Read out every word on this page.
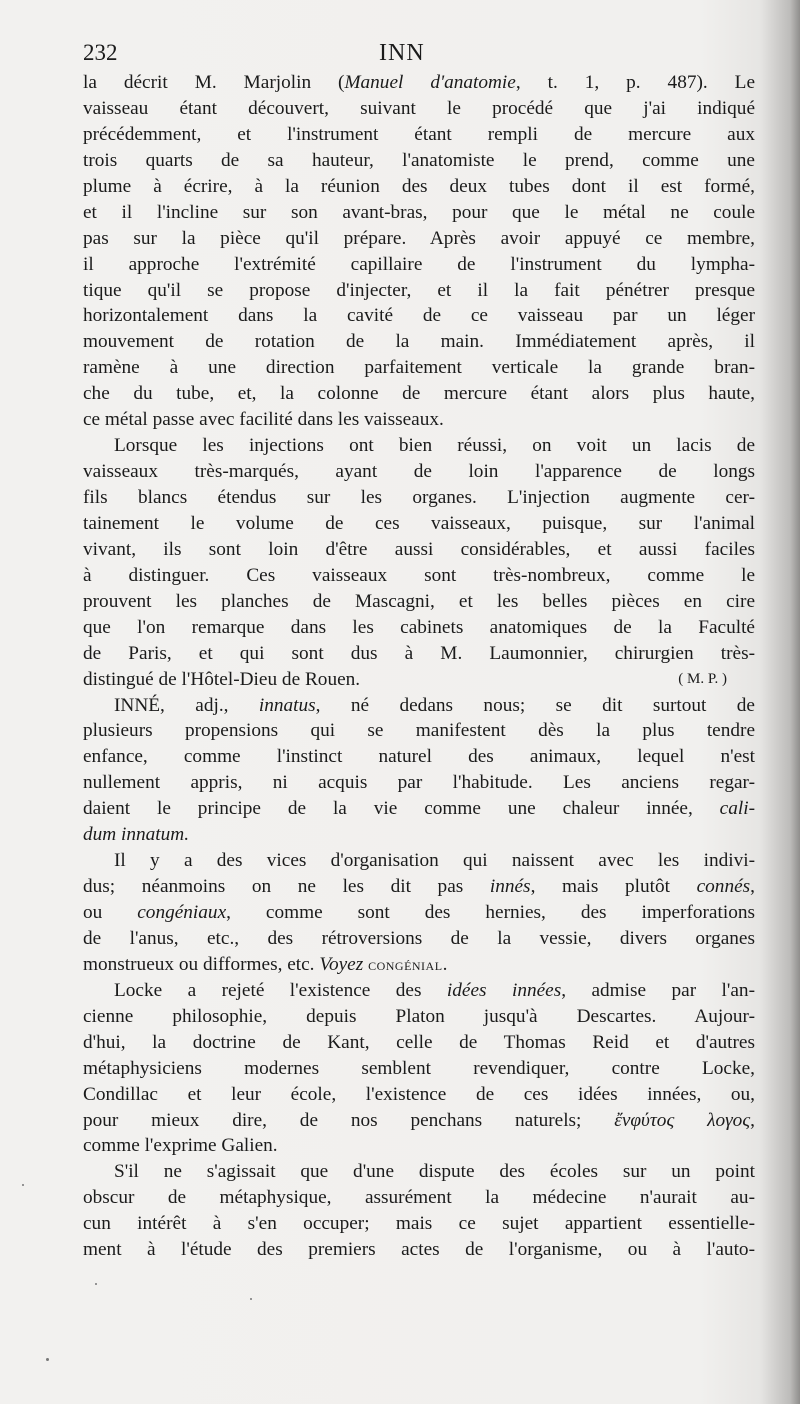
232	INN
la décrit M. Marjolin (Manuel d'anatomie, t. 1, p. 487). Le
vaisseau étant découvert, suivant le procédé que j'ai indiqué
précédemment, et l'instrument étant rempli de mercure aux
trois quarts de sa hauteur, l'anatomiste le prend, comme une
plume à écrire, à la réunion des deux tubes dont il est formé,
et il l'incline sur son avant-bras, pour que le métal ne coule
pas sur la pièce qu'il prépare. Après avoir appuyé ce membre,
il approche l'extrémité capillaire de l'instrument du lympha-
tique qu'il se propose d'injecter, et il la fait pénétrer presque
horizontalement dans la cavité de ce vaisseau par un léger
mouvement de rotation de la main. Immédiatement après, il
ramène à une direction parfaitement verticale la grande bran-
che du tube, et, la colonne de mercure étant alors plus haute,
ce métal passe avec facilité dans les vaisseaux.
Lorsque les injections ont bien réussi, on voit un lacis de
vaisseaux très-marqués, ayant de loin l'apparence de longs
fils blancs étendus sur les organes. L'injection augmente cer-
tainement le volume de ces vaisseaux, puisque, sur l'animal
vivant, ils sont loin d'être aussi considérables, et aussi faciles
à distinguer. Ces vaisseaux sont très-nombreux, comme le
prouvent les planches de Mascagni, et les belles pièces en cire
que l'on remarque dans les cabinets anatomiques de la Faculté
de Paris, et qui sont dus à M. Laumonnier, chirurgien très-
distingué de l'Hôtel-Dieu de Rouen.	( M. P. )
INNÉ, adj., innatus, né dedans nous; se dit surtout de
plusieurs propensions qui se manifestent dès la plus tendre
enfance, comme l'instinct naturel des animaux, lequel n'est
nullement appris, ni acquis par l'habitude. Les anciens regar-
daient le principe de la vie comme une chaleur innée, cali-
dum innatum.
Il y a des vices d'organisation qui naissent avec les indivi-
dus; néanmoins on ne les dit pas innés, mais plutôt connés,
ou congéniaux, comme sont des hernies, des imperforations
de l'anus, etc., des rétroversions de la vessie, divers organes
monstrueux ou difformes, etc. Voyez congénial.
Locke a rejeté l'existence des idées innées, admise par l'an-
cienne philosophie, depuis Platon jusqu'à Descartes. Aujour-
d'hui, la doctrine de Kant, celle de Thomas Reid et d'autres
métaphysiciens modernes semblent revendiquer, contre Locke,
Condillac et leur école, l'existence de ces idées innées, ou,
pour mieux dire, de nos penchans naturels; ἔνφύτος λογος,
comme l'exprime Galien.
S'il ne s'agissait que d'une dispute des écoles sur un point
obscur de métaphysique, assurément la médecine n'aurait au-
cun intérêt à s'en occuper; mais ce sujet appartient essentielle-
ment à l'étude des premiers actes de l'organisme, ou à l'auto-
